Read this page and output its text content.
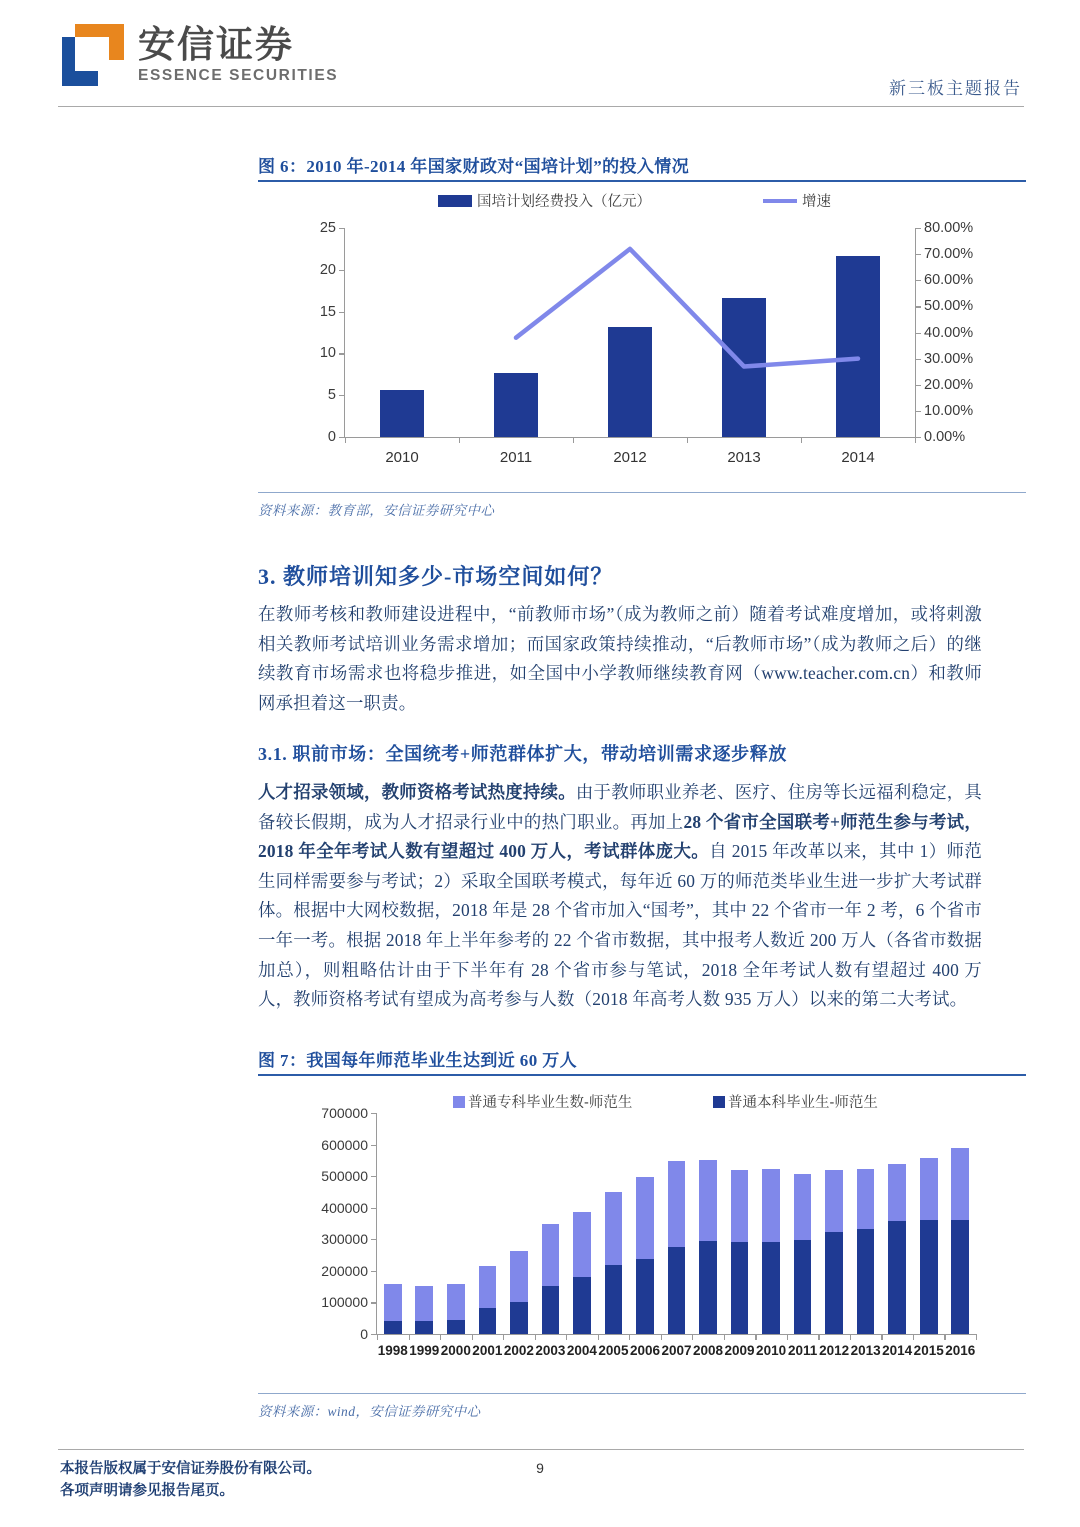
安信证券
ESSENCE SECURITIES
新三板主题报告
图 6：2010 年-2014 年国家财政对“国培计划”的投入情况
国培计划经费投入（亿元）	增速
0
5
10
15
20
25
0.00%
10.00%
20.00%
30.00%
40.00%
50.00%
60.00%
70.00%
80.00%
2010	2011	2012	2013	2014
资料来源：教育部，安信证券研究中心
3. 教师培训知多少-市场空间如何？
在教师考核和教师建设进程中，“前教师市场”（成为教师之前）随着考试难度增加，或将刺激相关教师考试培训业务需求增加；而国家政策持续推动，“后教师市场”（成为教师之后）的继续教育市场需求也将稳步推进，如全国中小学教师继续教育网（www.teacher.com.cn）和教师网承担着这一职责。
3.1. 职前市场：全国统考+师范群体扩大，带动培训需求逐步释放
人才招录领域，教师资格考试热度持续。由于教师职业养老、医疗、住房等长远福利稳定，具备较长假期，成为人才招录行业中的热门职业。再加上28 个省市全国联考+师范生参与考试，2018 年全年考试人数有望超过 400 万人，考试群体庞大。自 2015 年改革以来，其中 1）师范生同样需要参与考试；2）采取全国联考模式，每年近 60 万的师范类毕业生进一步扩大考试群体。根据中大网校数据，2018 年是 28 个省市加入“国考”，其中 22 个省市一年 2 考，6 个省市一年一考。根据 2018 年上半年参考的 22 个省市数据，其中报考人数近 200 万人（各省市数据加总），则粗略估计由于下半年有 28 个省市参与笔试，2018 全年考试人数有望超过 400 万人，教师资格考试有望成为高考参与人数（2018 年高考人数 935 万人）以来的第二大考试。
图 7：我国每年师范毕业生达到近 60 万人
普通专科毕业生数-师范生	普通本科毕业生-师范生
0
100000
200000
300000
400000
500000
600000
700000
1998 1999 2000 2001 2002 2003 2004 2005 2006 2007 2008 2009 2010 2011 2012 2013 2014 2015 2016
资料来源：wind，安信证券研究中心
本报告版权属于安信证券股份有限公司。
各项声明请参见报告尾页。
9
